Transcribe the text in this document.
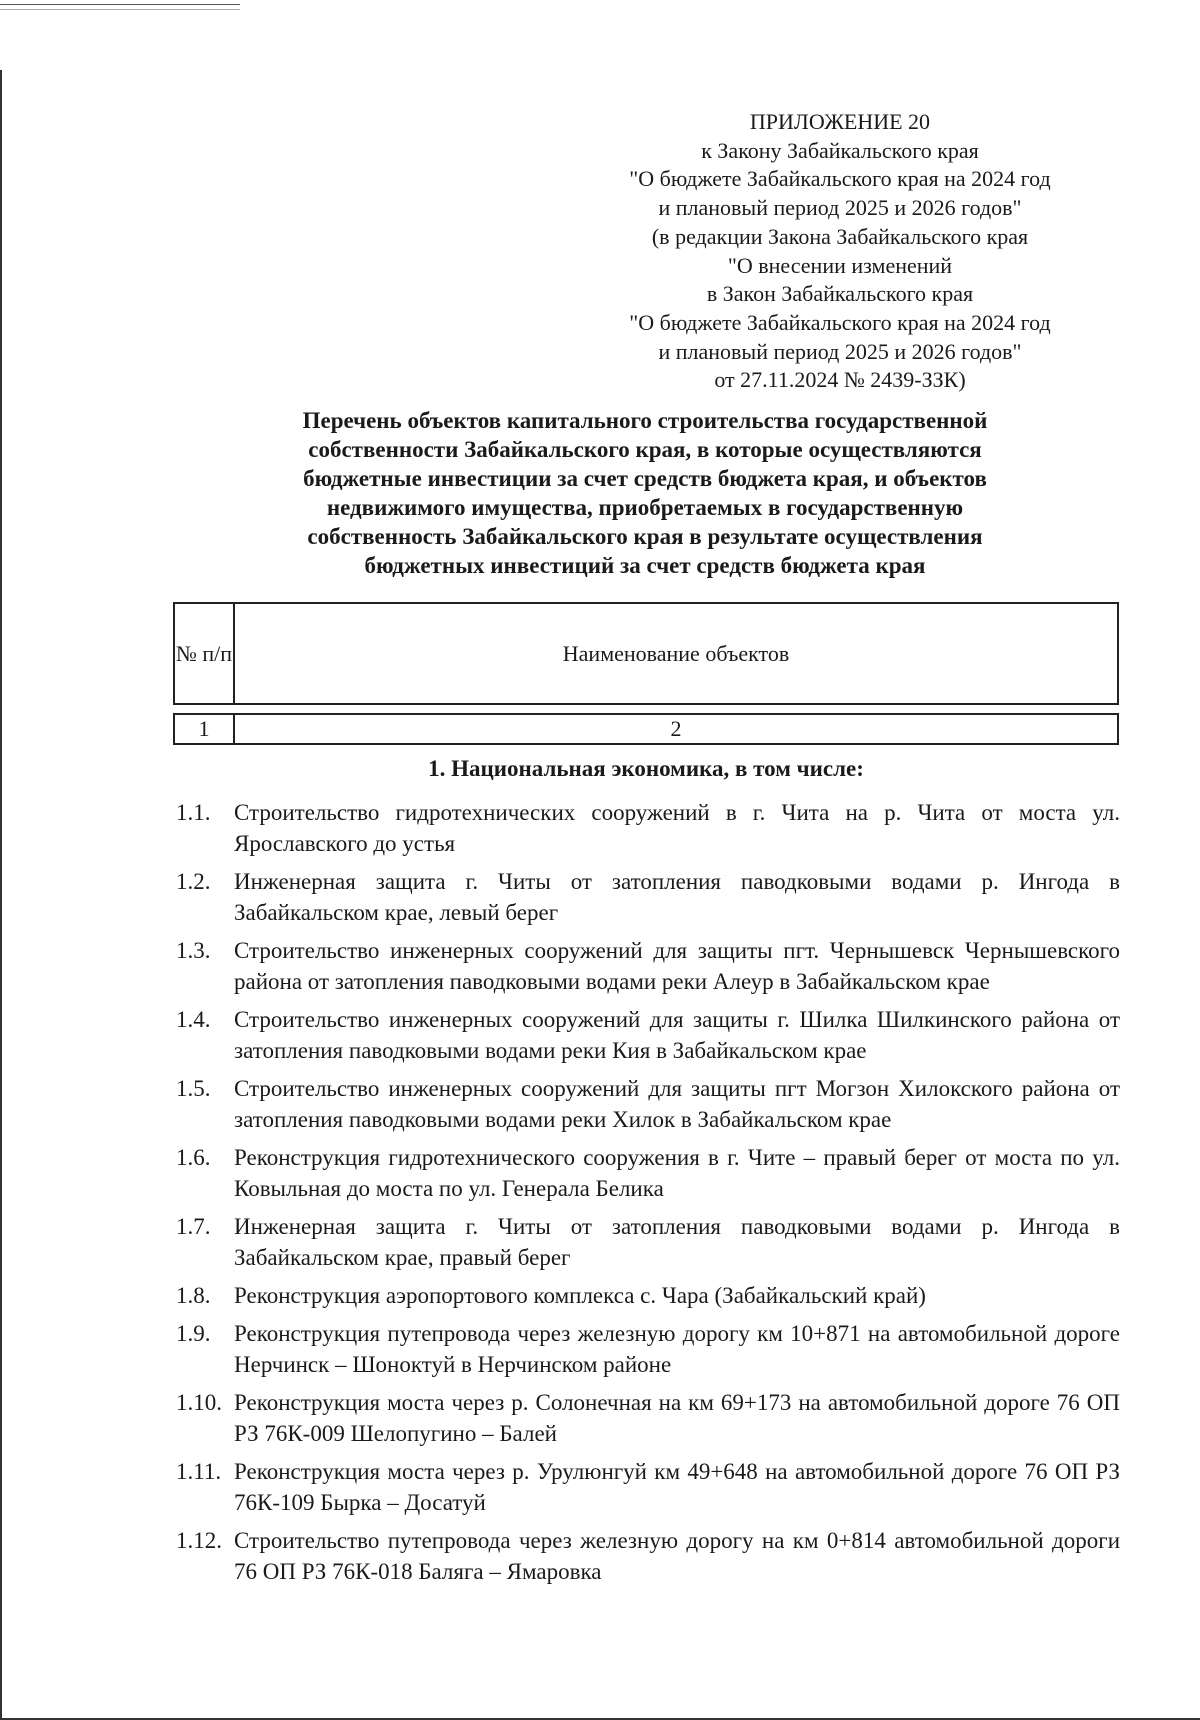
ПРИЛОЖЕНИЕ 20
к Закону Забайкальского края
"О бюджете Забайкальского края на 2024 год
и плановый период 2025 и 2026 годов"
(в редакции Закона Забайкальского края
"О внесении изменений
в Закон Забайкальского края
"О бюджете Забайкальского края на 2024 год
и плановый период 2025 и 2026 годов"
от 27.11.2024 № 2439-ЗЗК)
Перечень объектов капитального строительства государственной
собственности Забайкальского края, в которые осуществляются
бюджетные инвестиции за счет средств бюджета края, и объектов
недвижимого имущества, приобретаемых в государственную
собственность Забайкальского края в результате осуществления
бюджетных инвестиций за счет средств бюджета края
№ п/п	Наименование объектов
1	2
1. Национальная экономика, в том числе:
1.1.	Строительство гидротехнических сооружений в г. Чита на р. Чита от моста ул. Ярославского до устья
1.2.	Инженерная защита г. Читы от затопления паводковыми водами р. Ингода в Забайкальском крае, левый берег
1.3.	Строительство инженерных сооружений для защиты пгт. Чернышевск Чернышевского района от затопления паводковыми водами реки Алеур в Забайкальском крае
1.4.	Строительство инженерных сооружений для защиты г. Шилка Шилкинского района от затопления паводковыми водами реки Кия в Забайкальском крае
1.5.	Строительство инженерных сооружений для защиты пгт Могзон Хилокского района от затопления паводковыми водами реки Хилок в Забайкальском крае
1.6.	Реконструкция гидротехнического сооружения в г. Чите – правый берег от моста по ул. Ковыльная до моста по ул. Генерала Белика
1.7.	Инженерная защита г. Читы от затопления паводковыми водами р. Ингода в Забайкальском крае, правый берег
1.8.	Реконструкция аэропортового комплекса с. Чара (Забайкальский край)
1.9.	Реконструкция путепровода через железную дорогу км 10+871 на автомобильной дороге Нерчинск – Шоноктуй в Нерчинском районе
1.10. Реконструкция моста через р. Солонечная на км 69+173 на автомобильной дороге 76 ОП РЗ 76К-009 Шелопугино – Балей
1.11. Реконструкция моста через р. Урулюнгуй км 49+648 на автомобильной дороге 76 ОП РЗ 76К-109 Бырка – Досатуй
1.12. Строительство путепровода через железную дорогу на км 0+814 автомобильной дороги 76 ОП РЗ 76К-018 Баляга – Ямаровка
